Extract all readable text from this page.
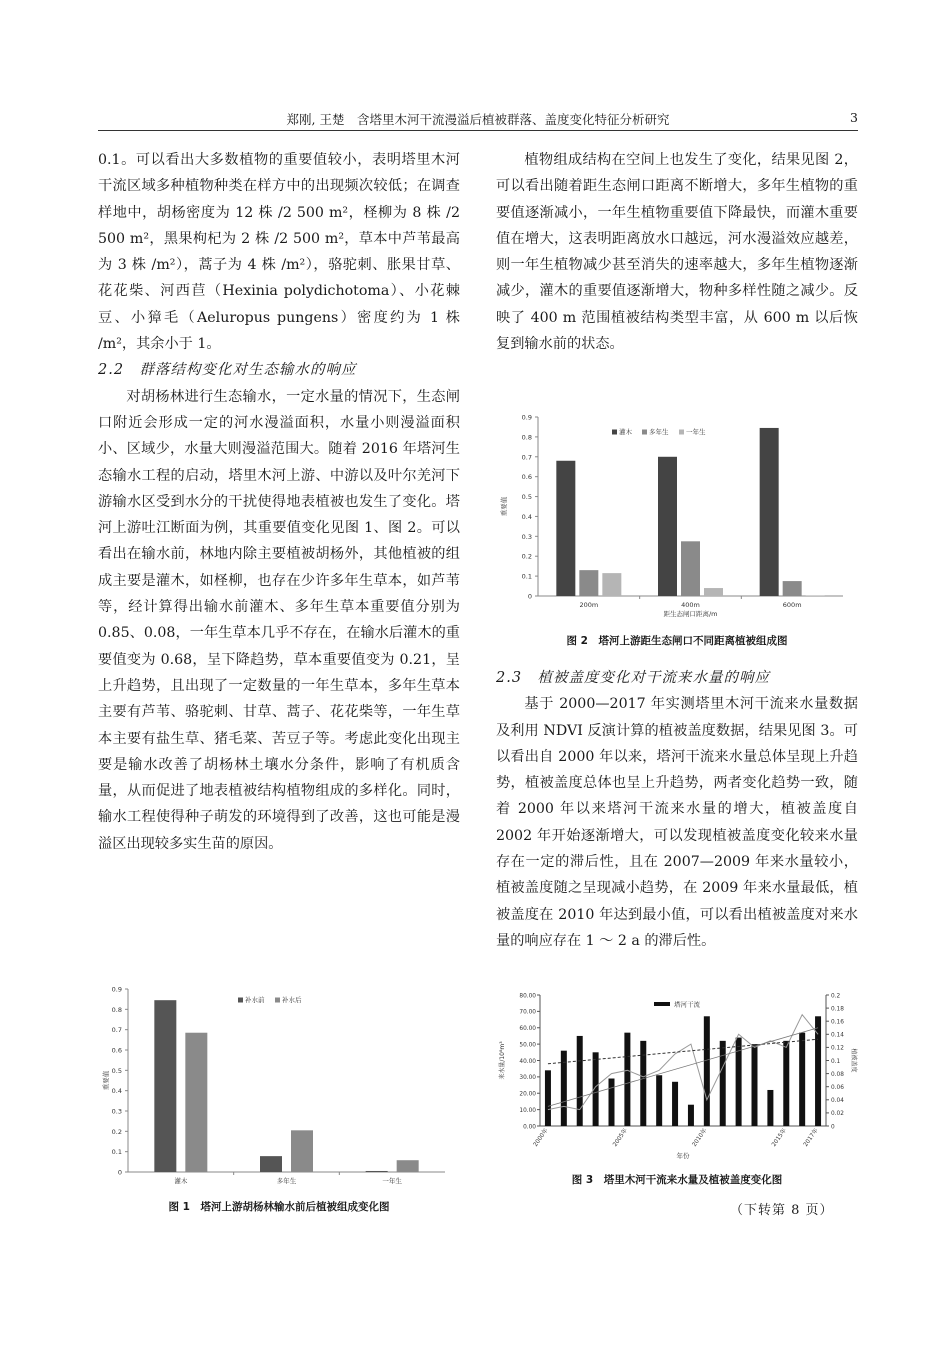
郑刚, 王楚　含塔里木河干流漫溢后植被群落、盖度变化特征分析研究	3

0.1。可以看出大多数植物的重要值较小，表明塔里木河干流区域多种植物种类在样方中的出现频次较低；在调查样地中，胡杨密度为 12 株 /2 500 m²，柽柳为 8 株 /2 500 m²，黑果枸杞为 2 株 /2 500 m²，草本中芦苇最高为 3 株 /m²），蒿子为 4 株 /m²），骆驼刺、胀果甘草、花花柴、河西苣（Hexinia polydichotoma）、小花棘豆、小獐毛（Aeluropus pungens）密度约为 1 株 /m²，其余小于 1。

2.2　群落结构变化对生态输水的响应

对胡杨林进行生态输水，一定水量的情况下，生态闸口附近会形成一定的河水漫溢面积，水量小则漫溢面积小、区域少，水量大则漫溢范围大。随着 2016 年塔河生态输水工程的启动，塔里木河上游、中游以及叶尔羌河下游输水区受到水分的干扰使得地表植被也发生了变化。塔河上游吐江断面为例，其重要值变化见图 1、图 2。可以看出在输水前，林地内除主要植被胡杨外，其他植被的组成主要是灌木，如柽柳，也存在少许多年生草本，如芦苇等，经计算得出输水前灌木、多年生草本重要值分别为 0.85、0.08，一年生草本几乎不存在，在输水后灌木的重要值变为 0.68，呈下降趋势，草本重要值变为 0.21，呈上升趋势，且出现了一定数量的一年生草本，多年生草本主要有芦苇、骆驼刺、甘草、蒿子、花花柴等，一年生草本主要有盐生草、猪毛菜、苦豆子等。考虑此变化出现主要是输水改善了胡杨林土壤水分条件，影响了有机质含量，从而促进了地表植被结构植物组成的多样化。同时，输水工程使得种子萌发的环境得到了改善，这也可能是漫溢区出现较多实生苗的原因。

植物组成结构在空间上也发生了变化，结果见图 2，可以看出随着距生态闸口距离不断增大，多年生植物的重要值逐渐减小，一年生植物重要值下降最快，而灌木重要值在增大，这表明距离放水口越远，河水漫溢效应越差，则一年生植物减少甚至消失的速率越大，多年生植物逐渐减少，灌木的重要值逐渐增大，物种多样性随之减少。反映了 400 m 范围植被结构类型丰富，从 600 m 以后恢复到输水前的状态。

2.3　植被盖度变化对干流来水量的响应

基于 2000—2017 年实测塔里木河干流来水量数据及利用 NDVI 反演计算的植被盖度数据，结果见图 3。可以看出自 2000 年以来，塔河干流来水量总体呈现上升趋势，植被盖度总体也呈上升趋势，两者变化趋势一致，随着 2000 年以来塔河干流来水量的增大，植被盖度自 2002 年开始逐渐增大，可以发现植被盖度变化较来水量存在一定的滞后性，且在 2007—2009 年来水量较小，植被盖度随之呈现减小趋势，在 2009 年来水量最低，植被盖度在 2010 年达到最小值，可以看出植被盖度对来水量的响应存在 1 ～ 2 a 的滞后性。

0
0.1
0.2
0.3
0.4
0.5
0.6
0.7
0.8
0.9
灌木	多年生	一年生
重要值
补水前	补水后
图 1　塔河上游胡杨林输水前后植被组成变化图
0
0.1
0.2
0.3
0.4
0.5
0.6
0.7
0.8
0.9
200m	400m	600m
重要值
距生态闸口距离/m
灌木	多年生	一年生
图 2　塔河上游距生态闸口不同距离植被组成图
0.00
10.00
20.00
30.00
40.00
50.00
60.00
70.00
80.00
0
0.02
0.04
0.06
0.08
0.1
0.12
0.14
0.16
0.18
0.2
2000年	2005年	2010年	2015年	2017年
年份
来水量/10⁸m³	植被盖度
塔河干流
图 3　塔里木河干流来水量及植被盖度变化图
（下转第 8 页）
